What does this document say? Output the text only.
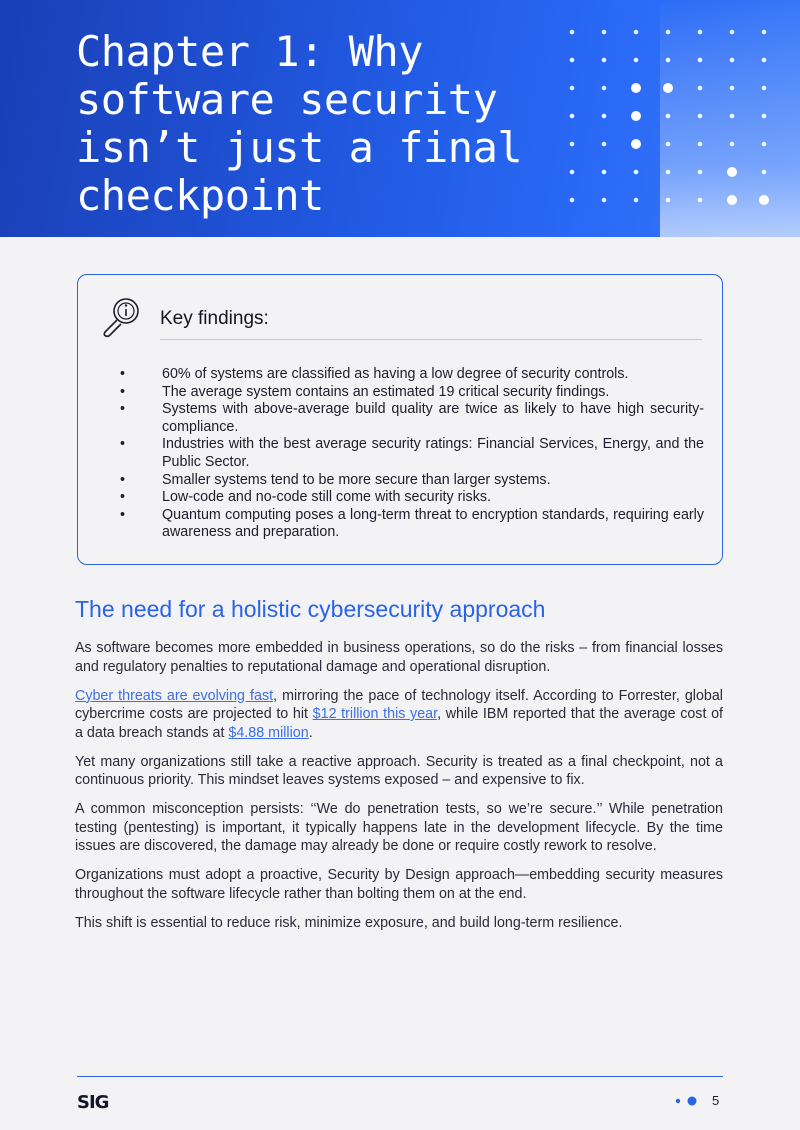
Chapter 1: Why software security isn’t just a final checkpoint
Key findings:
•	60% of systems are classified as having a low degree of security controls.
•	The average system contains an estimated 19 critical security findings.
•	Systems with above-average build quality are twice as likely to have high security-compliance.
•	Industries with the best average security ratings: Financial Services, Energy, and the Public Sector.
•	Smaller systems tend to be more secure than larger systems.
•	Low-code and no-code still come with security risks.
•	Quantum computing poses a long-term threat to encryption standards, requiring early awareness and preparation.
The need for a holistic cybersecurity approach

As software becomes more embedded in business operations, so do the risks – from financial losses and regulatory penalties to reputational damage and operational disruption.

Cyber threats are evolving fast, mirroring the pace of technology itself. According to Forrester, global cybercrime costs are projected to hit $12 trillion this year, while IBM reported that the average cost of a data breach stands at $4.88 million.

Yet many organizations still take a reactive approach. Security is treated as a final checkpoint, not a continuous priority. This mindset leaves systems exposed – and expensive to fix.

A common misconception persists: ‘‘We do penetration tests, so we’re secure.’’ While penetration testing (pentesting) is important, it typically happens late in the development lifecycle. By the time issues are discovered, the damage may already be done or require costly rework to resolve.

Organizations must adopt a proactive, Security by Design approach—embedding security measures throughout the software lifecycle rather than bolting them on at the end.

This shift is essential to reduce risk, minimize exposure, and build long-term resilience.

SIG	5
